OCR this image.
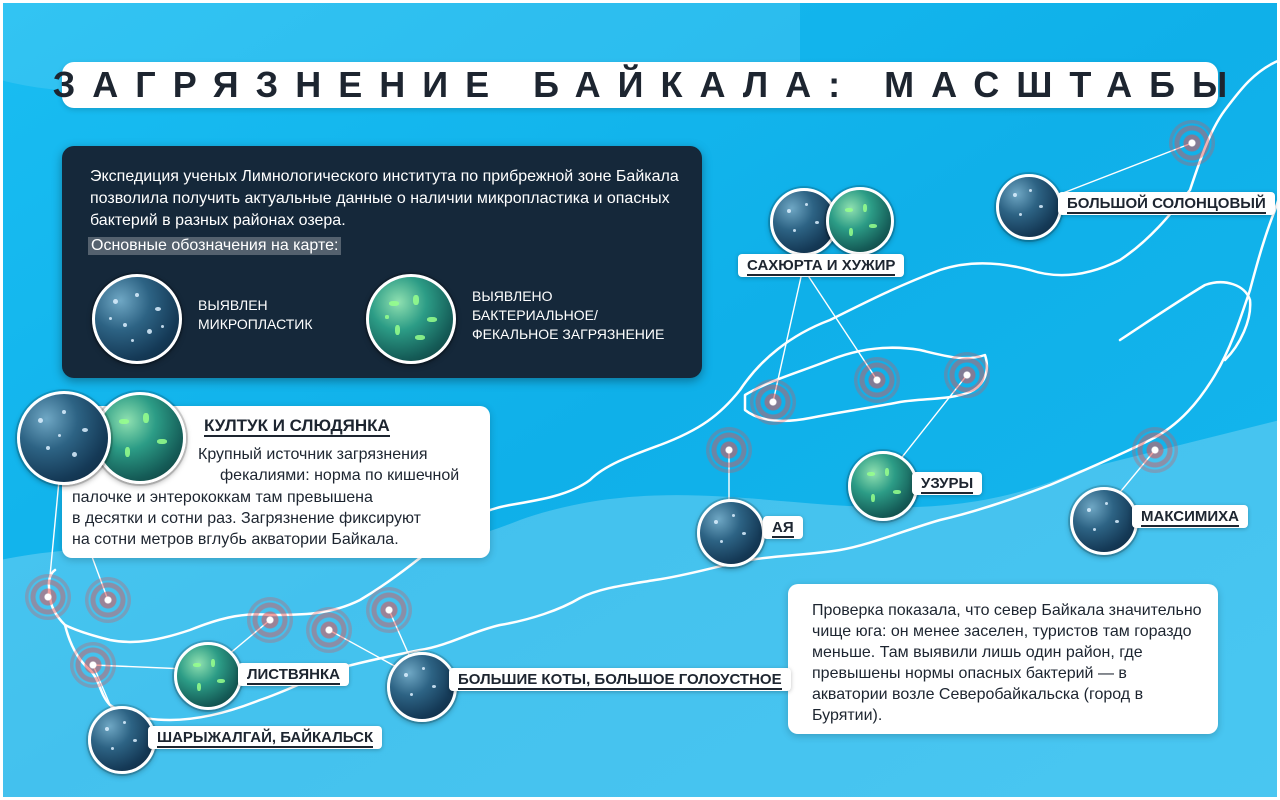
ЗАГРЯЗНЕНИЕ БАЙКАЛА: МАСШТАБЫ
Экспедиция ученых Лимнологического института по прибрежной зоне Байкала позволила получить актуальные данные о наличии микропластика и опасных бактерий в разных районах озера.
Основные обозначения на карте:
ВЫЯВЛЕН МИКРОПЛАСТИК
ВЫЯВЛЕНО БАКТЕРИАЛЬНОЕ/ ФЕКАЛЬНОЕ ЗАГРЯЗНЕНИЕ
КУЛТУК И СЛЮДЯНКА

Крупный источник загрязнения

фекалиями: норма по кишечной

палочке и энтерококкам там превышена

в десятки и сотни раз. Загрязнение фиксируют

на сотни метров вглубь акватории Байкала.

Проверка показала, что север Байкала значительно чище юга: он менее заселен, туристов там гораздо меньше. Там выявили лишь один район, где превышены нормы опасных бактерий — в акватории возле Северобайкальска (город в Бурятии).

БОЛЬШОЙ СОЛОНЦОВЫЙ
САХЮРТА И ХУЖИР
УЗУРЫ
АЯ
МАКСИМИХА
ЛИСТВЯНКА	БОЛЬШИЕ КОТЫ, БОЛЬШОЕ ГОЛОУСТНОЕ
ШАРЫЖАЛГАЙ, БАЙКАЛЬСК
